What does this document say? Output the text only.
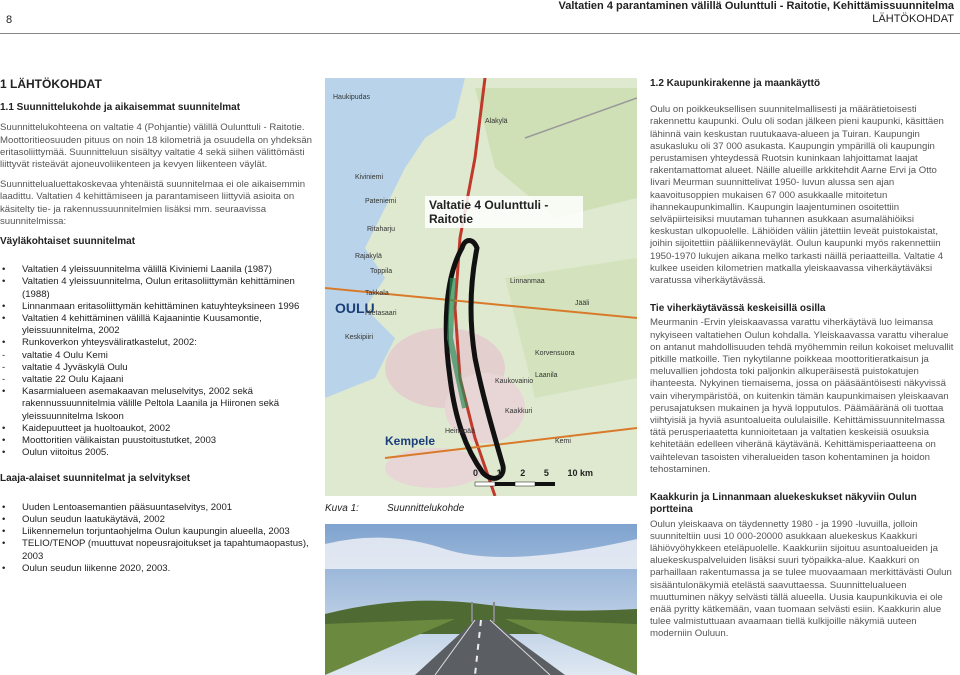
8
Valtatien 4 parantaminen välillä Oulunttuli - Raitotie, Kehittämissuunnitelma
LÄHTÖKOHDAT
1 LÄHTÖKOHDAT
1.1 Suunnittelukohde ja aikaisemmat suunnitelmat

Suunnittelukohteena on valtatie 4 (Pohjantie) välillä Oulunttuli - Raitotie. Moottoritieosuuden pituus on noin 18 kilometriä ja osuudella on yhdeksän eritasoliittymää. Suunnitteluun sisältyy valtatie 4 sekä siihen välittömästi liittyvät risteävät ajoneuvoliikenteen ja kevyen liikenteen väylät.

Suunnittelualuettakoskevaa yhtenäistä suunnitelmaa ei ole aikaisemmin laadittu. Valtatien 4 kehittämiseen ja parantamiseen liittyviä asioita on käsitelty tie- ja rakennussuunnitelmien lisäksi mm. seuraavissa suunnitelmissa:

Väyläkohtaiset suunnitelmat
• Valtatien 4 yleissuunnitelma välillä Kiviniemi Laanila (1987)
• Valtatien 4 yleissuunnitelma, Oulun eritasoliittymän kehittäminen (1988)
• Linnanmaan eritasoliittymän kehittäminen katuyhteyksineen 1996
• Valtatien 4 kehittäminen välillä Kajaanintie Kuusamontie, yleissuunnitelma, 2002
• Runkoverkon yhteysväliratkastelut, 2002:
- valtatie 4 Oulu Kemi
- valtatie 4 Jyväskylä Oulu
- valtatie 22 Oulu Kajaani
• Kasarmialueen asemakaavan meluselvitys, 2002 sekä rakennussuunnitelmia välille Peltola Laanila ja Hiironen sekä yleissuunnitelma Iskoon
• Kaidepuutteet ja huoltoaukot, 2002
• Moottoritien välikaistan puustoitustutket, 2003
• Oulun viitoitus 2005.
Laaja-alaiset suunnitelmat ja selvitykset
• Uuden Lentoasemantien pääsuuntaselvitys, 2001
• Oulun seudun laatukäytävä, 2002
• Liikennemelun torjuntaohjelma Oulun kaupungin alueella, 2003
• TELIO/TENOP (muuttuvat nopeusrajoitukset ja tapahtumaopastus), 2003
• Oulun seudun liikenne 2020, 2003.
Valtatie 4 Oulunttuli - Raitotie
OULU
Kempele
0 1 2 5 10 km
Alakylä
Haukipudas
Pateniemi
Ritaharju
Kaakkuri
Kiviniemi
Korvensuora
Laanila
Jääli
Takkala
Kemi
Keskipiiri
Rajakylä
Hietasaari
Toppila
Linnanmaa
Kaukovainio
Heinäpää
Kuva 1:	Suunnittelukohde
1.2 Kaupunkirakenne ja maankäyttö

Oulu on poikkeuksellisen suunnitelmallisesti ja määrätietoisesti rakennettu kaupunki. Oulu oli sodan jälkeen pieni kaupunki, käsittäen lähinnä vain keskustan ruutukaava-alueen ja Tuiran. Kaupungin asukasluku oli 37 000 asukasta. Kaupungin ympärillä oli kaupungin perustamisen yhteydessä Ruotsin kuninkaan lahjoittamat laajat rakentamattomat alueet. Näille alueille arkkitehdit Aarne Ervi ja Otto Iivari Meurman suunnittelivat 1950- luvun alussa sen ajan kaavoitusoppien mukaisen 67 000 asukkaalle mitoitetun ihannekaupunkimallin. Kaupungin laajentuminen osoitettiin selväpiirteisiksi muutaman tuhannen asukkaan asumalähiöiksi keskustan ulkopuolelle. Lähiöiden väliin jätettiin leveät puistokaistat, joihin sijoitettiin pääliikenneväylät. Oulun kaupunki myös rakennettiin 1950-1970 lukujen aikana melko tarkasti näillä periaatteilla. Valtatie 4 kulkee useiden kilometrien matkalla yleiskaavassa viherkäytäväksi varatussa viherkäytävässä.

Tie viherkäytävässä keskeisillä osilla

Meurmanin -Ervin yleiskaavassa varattu viherkäytävä luo leimansa nykyiseen valtatiehen Oulun kohdalla. Yleiskaavassa varattu viheralue on antanut mahdollisuuden tehdä myöhemmin reilun kokoiset meluvallit pitkille matkoille. Tien nykytilanne poikkeaa moottoritieratkaisun ja meluvallien johdosta toki paljonkin alkuperäisestä puistokatujen ihanteesta. Nykyinen tiemaisema, jossa on pääsääntöisesti näkyvissä vain viherympäristöä, on kuitenkin tämän kaupunkimaisen yleiskaavan perusajatuksen mukainen ja hyvä lopputulos. Päämääränä oli tuottaa viihtyisiä ja hyviä asuntoalueita oululaisille. Kehittämissuunnitelmassa tätä perusperiaatetta kunnioitetaan ja valtatien keskeisiä osuuksia kehitetään edelleen viheränä käytävänä. Kehittämisperiaatteena on vaihtelevan tasoisten viheralueiden tason kohentaminen ja hoidon tehostaminen.

Kaakkurin ja Linnanmaan aluekeskukset näkyviin Oulun portteina

Oulun yleiskaava on täydennetty 1980 - ja 1990 -luvuilla, jolloin suunniteltiin uusi 10 000-20000 asukkaan aluekeskus Kaakkuri lähiövyöhykkeen eteläpuolelle. Kaakkuriin sijoituu asuntoalueiden ja aluekeskuspalveluiden lisäksi suuri työpaikka-alue. Kaakkuri on parhaillaan rakentumassa ja se tulee muovaamaan merkittävästi Oulun sisääntulonäkymiä etelästä saavuttaessa. Suunnittelualueen muuttuminen näkyy selvästi tällä alueella. Uusia kaupunkikuvia ei ole enää pyritty kätkemään, vaan tuomaan selvästi esiin. Kaakkurin alue tulee valmistuttuaan avaamaan tiellä kulkijoille näkymiä uuteen moderniin Ouluun.
